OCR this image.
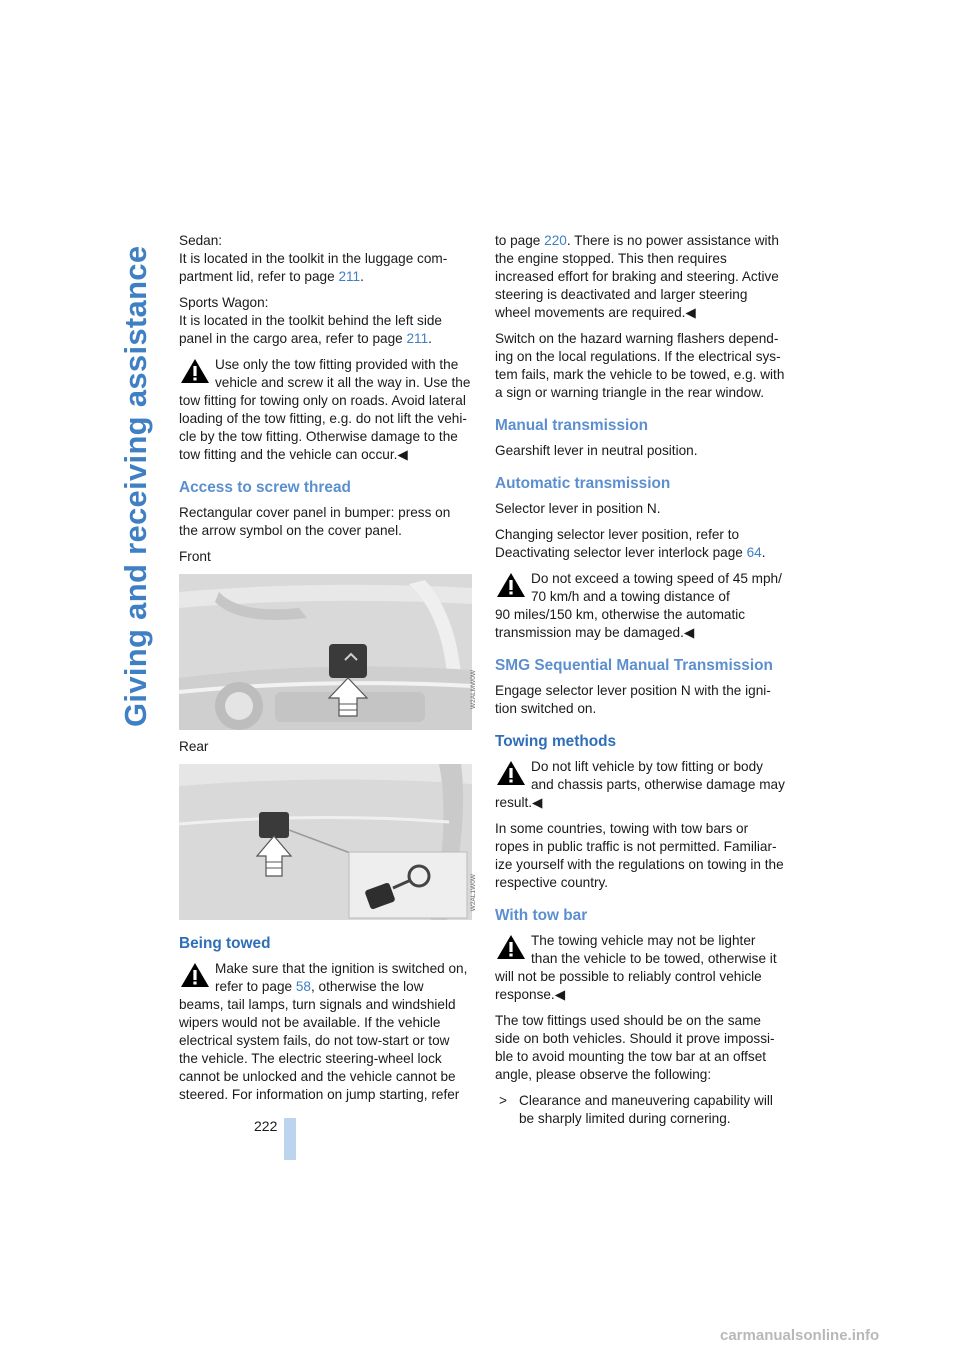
Giving and receiving assistance
222

Sedan:
It is located in the toolkit in the luggage com-
partment lid, refer to page 211.

Sports Wagon:
It is located in the toolkit behind the left side
panel in the cargo area, refer to page 211.

Use only the tow fitting provided with the
vehicle and screw it all the way in. Use the
tow fitting for towing only on roads. Avoid lateral
loading of the tow fitting, e.g. do not lift the vehi-
cle by the tow fitting. Otherwise damage to the
tow fitting and the vehicle can occur.◀
Access to screw thread

Rectangular cover panel in bumper: press on
the arrow symbol on the cover panel.

Front

W2ALMW0W

Rear

W2AL1W0W
Being towed
Make sure that the ignition is switched on,
refer to page 58, otherwise the low
beams, tail lamps, turn signals and windshield
wipers would not be available. If the vehicle
electrical system fails, do not tow-start or tow
the vehicle. The electric steering-wheel lock
cannot be unlocked and the vehicle cannot be
steered. For information on jump starting, refer

to page 220. There is no power assistance with
the engine stopped. This then requires
increased effort for braking and steering. Active
steering is deactivated and larger steering
wheel movements are required.◀

Switch on the hazard warning flashers depend-
ing on the local regulations. If the electrical sys-
tem fails, mark the vehicle to be towed, e.g. with
a sign or warning triangle in the rear window.

Manual transmission

Gearshift lever in neutral position.

Automatic transmission

Selector lever in position N.

Changing selector lever position, refer to
Deactivating selector lever interlock page 64.

Do not exceed a towing speed of 45 mph/
70 km/h and a towing distance of
90 miles/150 km, otherwise the automatic
transmission may be damaged.◀
SMG Sequential Manual Transmission

Engage selector lever position N with the igni-
tion switched on.

Towing methods
Do not lift vehicle by tow fitting or body
and chassis parts, otherwise damage may
result.◀

In some countries, towing with tow bars or
ropes in public traffic is not permitted. Familiar-
ize yourself with the regulations on towing in the
respective country.

With tow bar
The towing vehicle may not be lighter
than the vehicle to be towed, otherwise it
will not be possible to reliably control vehicle
response.◀

The tow fittings used should be on the same
side on both vehicles. Should it prove impossi-
ble to avoid mounting the tow bar at an offset
angle, please observe the following:

> Clearance and maneuvering capability will
be sharply limited during cornering.

carmanualsonline.info
